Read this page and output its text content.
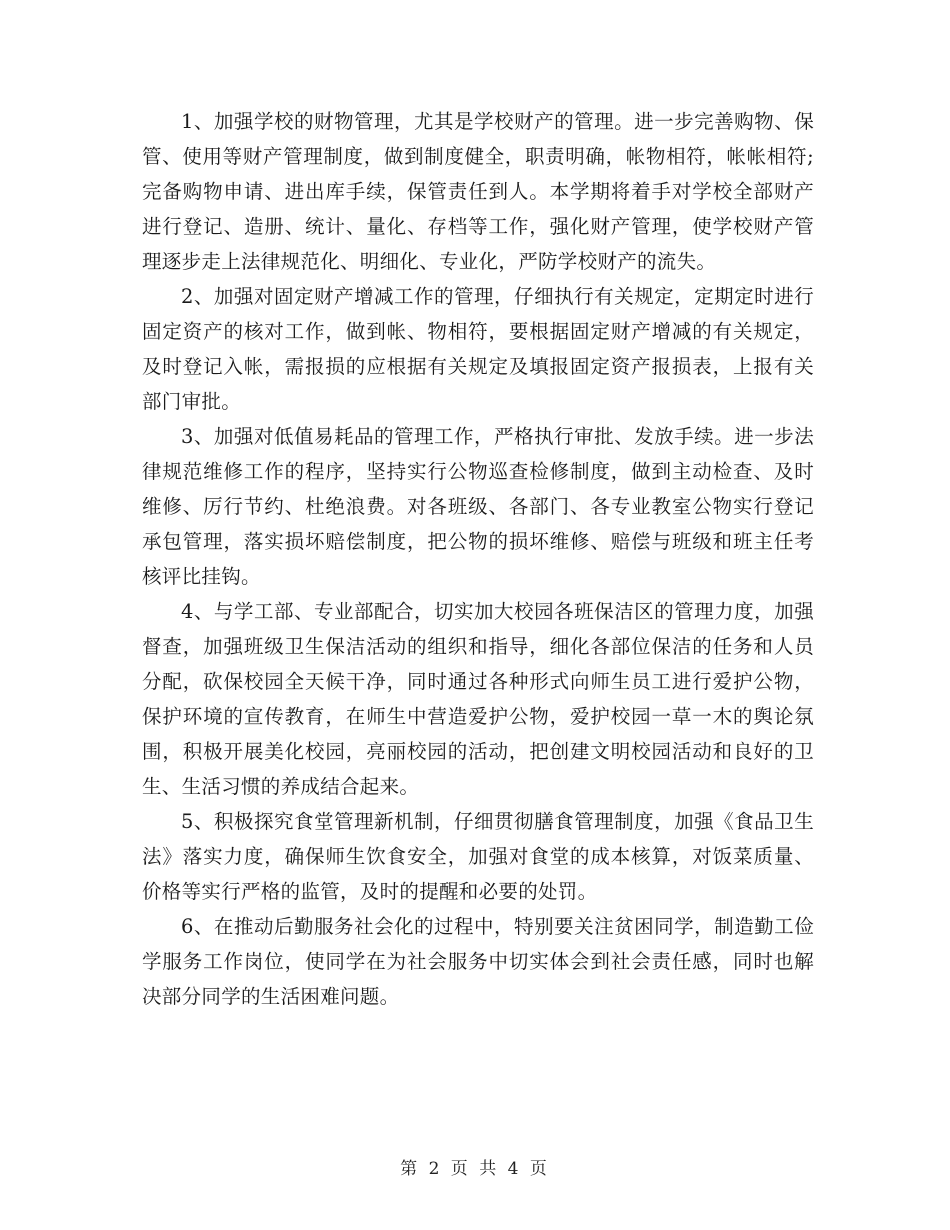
1、加强学校的财物管理，尤其是学校财产的管理。进一步完善购物、保管、使用等财产管理制度，做到制度健全，职责明确，帐物相符，帐帐相符;完备购物申请、进出库手续，保管责任到人。本学期将着手对学校全部财产进行登记、造册、统计、量化、存档等工作，强化财产管理，使学校财产管理逐步走上法律规范化、明细化、专业化，严防学校财产的流失。

2、加强对固定财产增减工作的管理，仔细执行有关规定，定期定时进行固定资产的核对工作，做到帐、物相符，要根据固定财产增减的有关规定，及时登记入帐，需报损的应根据有关规定及填报固定资产报损表，上报有关部门审批。

3、加强对低值易耗品的管理工作，严格执行审批、发放手续。进一步法律规范维修工作的程序，坚持实行公物巡查检修制度，做到主动检查、及时维修、厉行节约、杜绝浪费。对各班级、各部门、各专业教室公物实行登记承包管理，落实损坏赔偿制度，把公物的损坏维修、赔偿与班级和班主任考核评比挂钩。

4、与学工部、专业部配合，切实加大校园各班保洁区的管理力度，加强督查，加强班级卫生保洁活动的组织和指导，细化各部位保洁的任务和人员分配，砍保校园全天候干净，同时通过各种形式向师生员工进行爱护公物，保护环境的宣传教育，在师生中营造爱护公物，爱护校园一草一木的舆论氛围，积极开展美化校园，亮丽校园的活动，把创建文明校园活动和良好的卫生、生活习惯的养成结合起来。

5、积极探究食堂管理新机制，仔细贯彻膳食管理制度，加强《食品卫生法》落实力度，确保师生饮食安全，加强对食堂的成本核算，对饭菜质量、价格等实行严格的监管，及时的提醒和必要的处罚。

6、在推动后勤服务社会化的过程中，特别要关注贫困同学，制造勤工俭学服务工作岗位，使同学在为社会服务中切实体会到社会责任感，同时也解决部分同学的生活困难问题。

第 2 页 共 4 页
